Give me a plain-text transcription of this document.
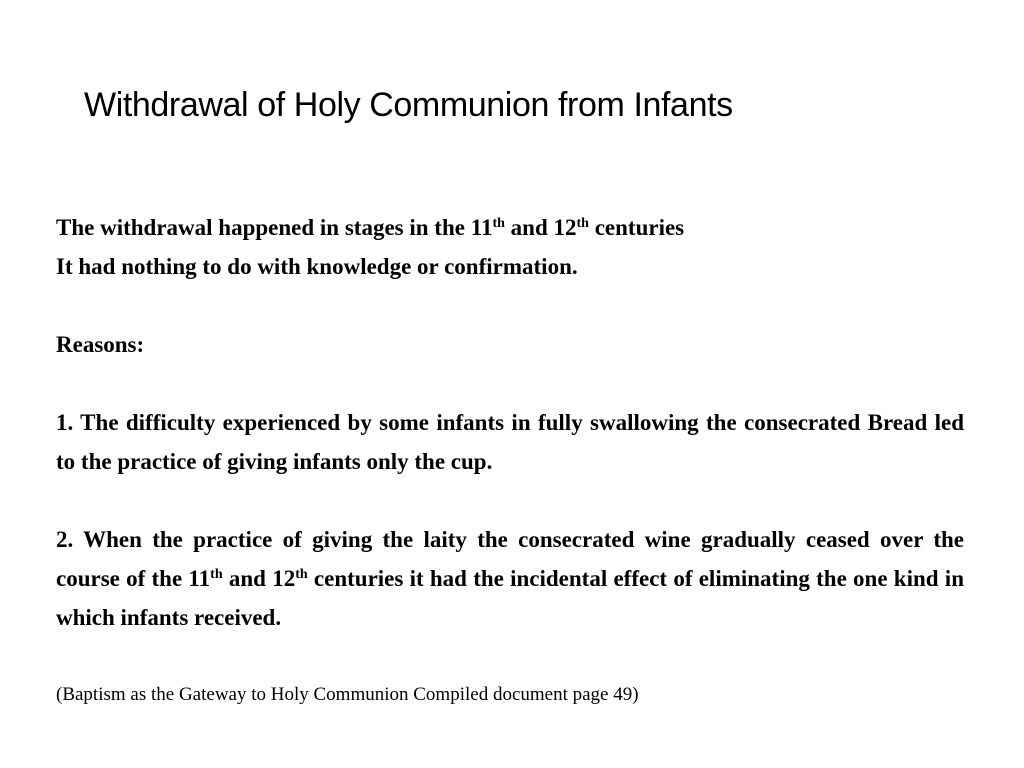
Withdrawal of Holy Communion from Infants

The withdrawal happened in stages in the 11th and 12th centuries

It had nothing to do with knowledge or confirmation.

Reasons:

1. The difficulty experienced by some infants in fully swallowing the consecrated Bread led to the practice of giving infants only the cup.

2. When the practice of giving the laity the consecrated wine gradually ceased over the course of the 11th and 12th centuries it had the incidental effect of eliminating the one kind in which infants received.

(Baptism as the Gateway to Holy Communion Compiled document page 49)
